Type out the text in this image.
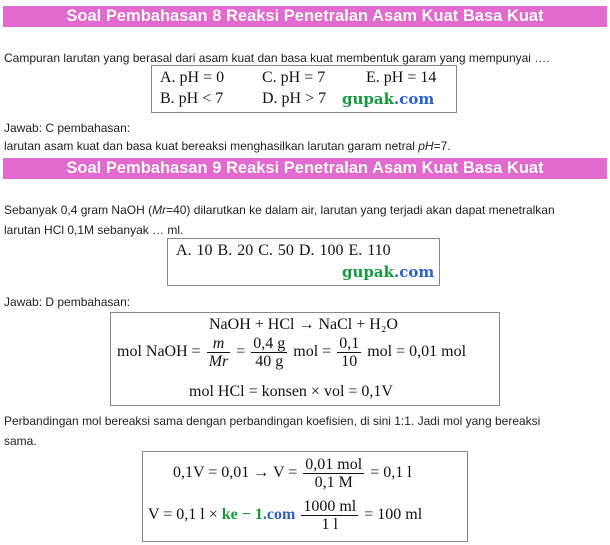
Soal Pembahasan 8 Reaksi Penetralan Asam Kuat Basa Kuat
Campuran larutan yang berasal dari asam kuat dan basa kuat membentuk garam yang mempunyai ….
A. pH = 0 C. pH = 7	E. pH = 14
B. pH < 7 D. pH > 7 gupak.com
Jawab: C pembahasan:
larutan asam kuat dan basa kuat bereaksi menghasilkan larutan garam netral pH=7.
Soal Pembahasan 9 Reaksi Penetralan Asam Kuat Basa Kuat
Sebanyak 0,4 gram NaOH (Mr=40) dilarutkan ke dalam air, larutan yang terjadi akan dapat menetralkan
larutan HCl 0,1M sebanyak … ml.
A. 10 B. 20 C. 50 D. 100 E. 110
gupak.com
Jawab: D pembahasan:
NaOH + HCl → NaCl + H₂O
mol NaOH = $\frac{m}{Mr} = \frac{0,4 g}{40 g}$ mol = $\frac{0,1}{10}$ mol = 0,01 mol
mol HCl = konsen × vol = 0,1V
Perbandingan mol bereaksi sama dengan perbandingan koefisien, di sini 1:1. Jadi mol yang bereaksi
sama.
$0,1V = 0,01 \to V = \frac{\text{0,01 mol}}{0,1 M} = 0,1$ l
V = 0,1 l × ke − $1.com \frac{1000 ml}{1 l} = 100$ ml
